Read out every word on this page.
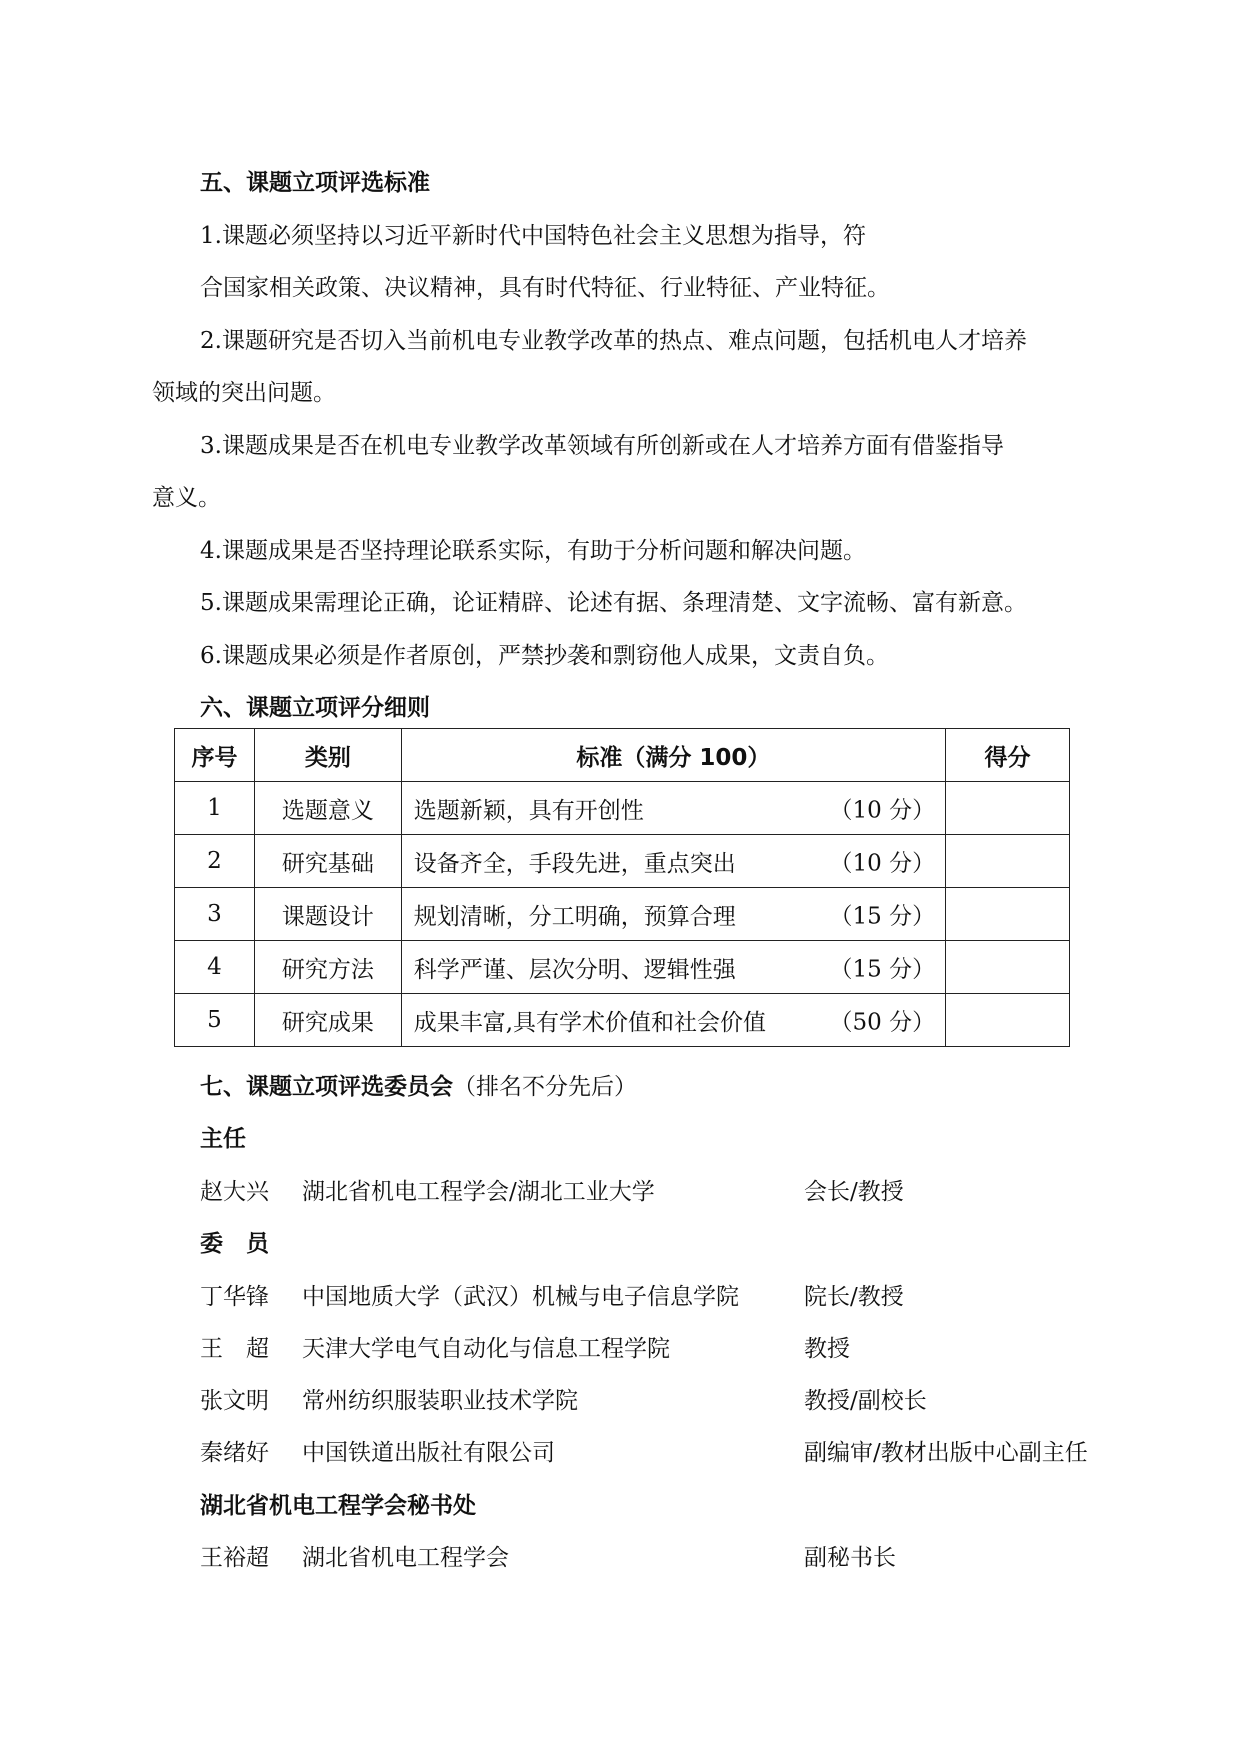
五、课题立项评选标准
1.课题必须坚持以习近平新时代中国特色社会主义思想为指导，符
合国家相关政策、决议精神，具有时代特征、行业特征、产业特征。
2.课题研究是否切入当前机电专业教学改革的热点、难点问题，包括机电人才培养
领域的突出问题。
3.课题成果是否在机电专业教学改革领域有所创新或在人才培养方面有借鉴指导
意义。
4.课题成果是否坚持理论联系实际，有助于分析问题和解决问题。
5.课题成果需理论正确，论证精辟、论述有据、条理清楚、文字流畅、富有新意。
6.课题成果必须是作者原创，严禁抄袭和剽窃他人成果，文责自负。
六、课题立项评分细则
序号	类别	标准（满分 100）	得分
1	选题意义	选题新颖，具有开创性 （10 分）	

2	研究基础	设备齐全，手段先进，重点突出 （10 分）	

3	课题设计	规划清晰，分工明确，预算合理 （15 分）	

4	研究方法	科学严谨、层次分明、逻辑性强 （15 分）	

5	研究成果	成果丰富,具有学术价值和社会价值 （50 分）	

七、课题立项评选委员会（排名不分先后）
主任
赵大兴 湖北省机电工程学会/湖北工业大学	会长/教授
委　员
丁华锋 中国地质大学（武汉）机械与电子信息学院	院长/教授
王　超 天津大学电气自动化与信息工程学院	教授
张文明 常州纺织服装职业技术学院	教授/副校长
秦绪好 中国铁道出版社有限公司	副编审/教材出版中心副主任
湖北省机电工程学会秘书处
王裕超 湖北省机电工程学会	副秘书长
